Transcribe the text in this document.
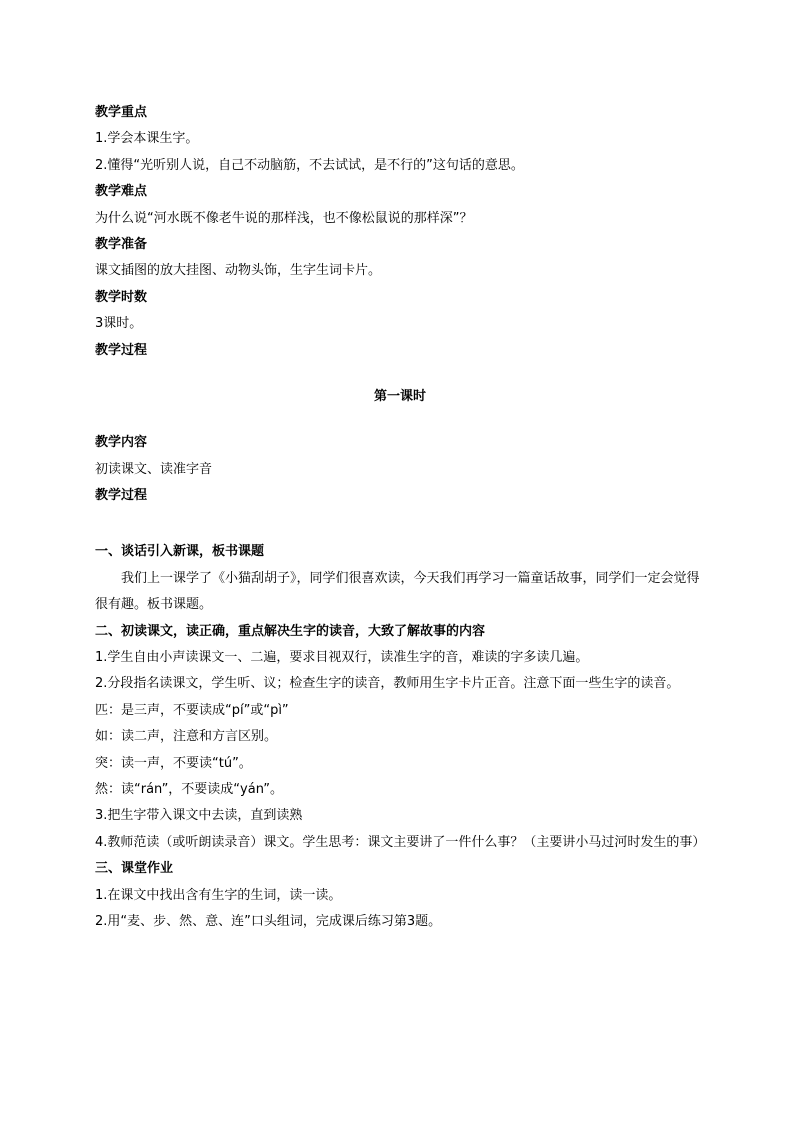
教学重点
1.学会本课生字。
2.懂得“光听别人说，自己不动脑筋，不去试试，是不行的”这句话的意思。
教学难点
为什么说“河水既不像老牛说的那样浅，也不像松鼠说的那样深”？
教学准备
课文插图的放大挂图、动物头饰，生字生词卡片。
教学时数
3课时。
教学过程
第一课时
教学内容
初读课文、读准字音
教学过程
一、谈话引入新课，板书课题
我们上一课学了《小猫刮胡子》，同学们很喜欢读，今天我们再学习一篇童话故事，同学们一定会觉得很有趣。板书课题。
二、初读课文，读正确，重点解决生字的读音，大致了解故事的内容
1.学生自由小声读课文一、二遍，要求目视双行，读准生字的音，难读的字多读几遍。
2.分段指名读课文，学生听、议；检查生字的读音，教师用生字卡片正音。注意下面一些生字的读音。
匹：是三声，不要读成“pí”或“pì”
如：读二声，注意和方言区别。
突：读一声，不要读“tú”。
然：读“rán”，不要读成“yán”。
3.把生字带入课文中去读，直到读熟
4.教师范读（或听朗读录音）课文。学生思考：课文主要讲了一件什么事？（主要讲小马过河时发生的事）
三、课堂作业
1.在课文中找出含有生字的生词，读一读。
2.用“麦、步、然、意、连”口头组词，完成课后练习第3题。
